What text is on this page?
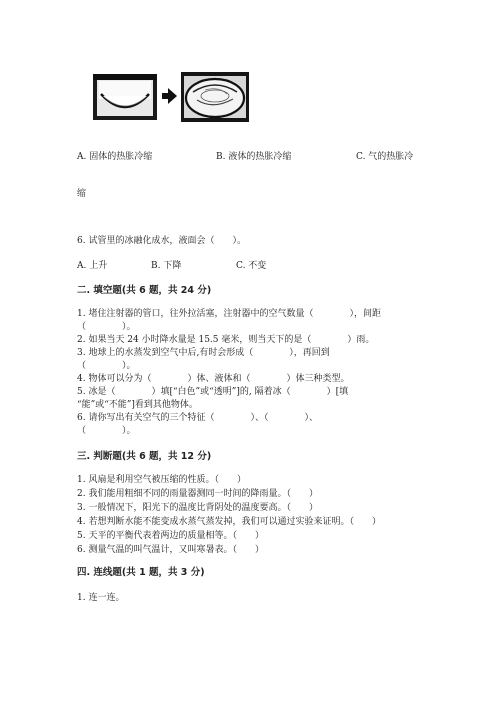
A. 固体的热胀冷缩	B. 液体的热胀冷缩	C. 气的热胀冷
缩
6. 试管里的冰融化成水，液面会（　　）。
A. 上升	B. 下降	C. 不变
二. 填空题(共 6 题，共 24 分)
1. 堵住注射器的管口，往外拉活塞，注射器中的空气数量（　　　　），间距
（　　　　）。
2. 如果当天 24 小时降水量是 15.5 毫米，则当天下的是（　　　　）雨。
3. 地球上的水蒸发到空气中后,有时会形成（　　　　），再回到
（　　　　）。
4. 物体可以分为（　　　　）体、液体和（　　　　）体三种类型。
5. 冰是（　　　　）填[“白色”或“透明”]的, 隔着冰（　　　　）[填
“能”或“不能”]看到其他物体。
6. 请你写出有关空气的三个特征（　　　　）、（　　　　）、
（　　　　）。
三. 判断题(共 6 题，共 12 分)
1. 风扇是利用空气被压缩的性质。（　　）
2. 我们能用粗细不同的雨量器测同一时间的降雨量。（　　）
3. 一般情况下，阳光下的温度比背阴处的温度要高。（　　）
4. 若想判断水能不能变成水蒸气蒸发掉，我们可以通过实验来证明。（　　）
5. 天平的平衡代表着两边的质量相等。（　　）
6. 测量气温的叫气温计，又叫寒暑表。（　　）
四. 连线题(共 1 题，共 3 分)
1. 连一连。
